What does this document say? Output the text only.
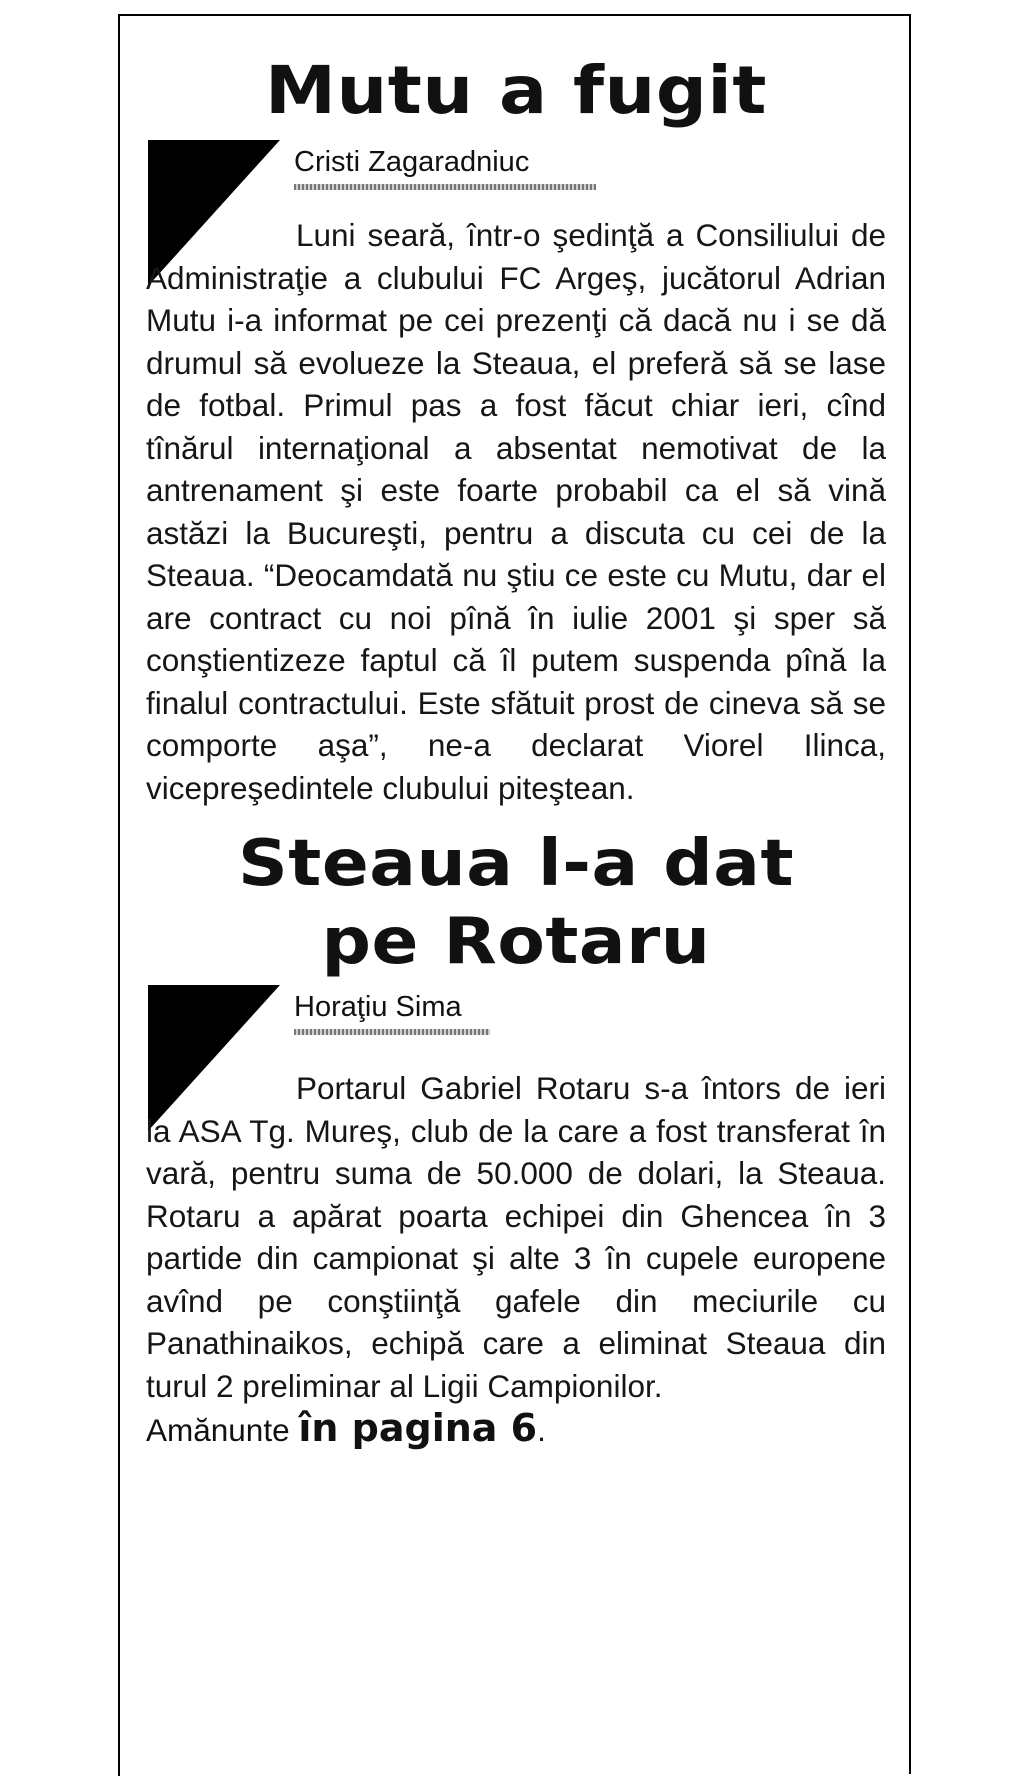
Mutu a fugit
Cristi Zagaradniuc

Luni seară, într-o şedinţă a Consiliului de Administraţie a clubului FC Argeş, jucătorul Adrian Mutu i-a informat pe cei prezenţi că dacă nu i se dă drumul să evolueze la Steaua, el preferă să se lase de fotbal. Primul pas a fost făcut chiar ieri, cînd tînărul internaţional a absentat nemotivat de la antrenament şi este foarte probabil ca el să vină astăzi la Bucureşti, pentru a discuta cu cei de la Steaua. “Deocamdată nu ştiu ce este cu Mutu, dar el are contract cu noi pînă în iulie 2001 şi sper să conştientizeze faptul că îl putem suspenda pînă la finalul contractului. Este sfătuit prost de cineva să se comporte aşa”, ne-a declarat Viorel Ilinca, vicepreşedintele clubului piteştean.

Steaua l-a dat
pe Rotaru
Horaţiu Sima

Portarul Gabriel Rotaru s-a întors de ieri la ASA Tg. Mureş, club de la care a fost transferat în vară, pentru suma de 50.000 de dolari, la Steaua. Rotaru a apărat poarta echipei din Ghencea în 3 partide din campionat şi alte 3 în cupele europene avînd pe conştiinţă gafele din meciurile cu Panathinaikos, echipă care a eliminat Steaua din turul 2 preliminar al Ligii Campionilor.

Amănunte în pagina 6.
